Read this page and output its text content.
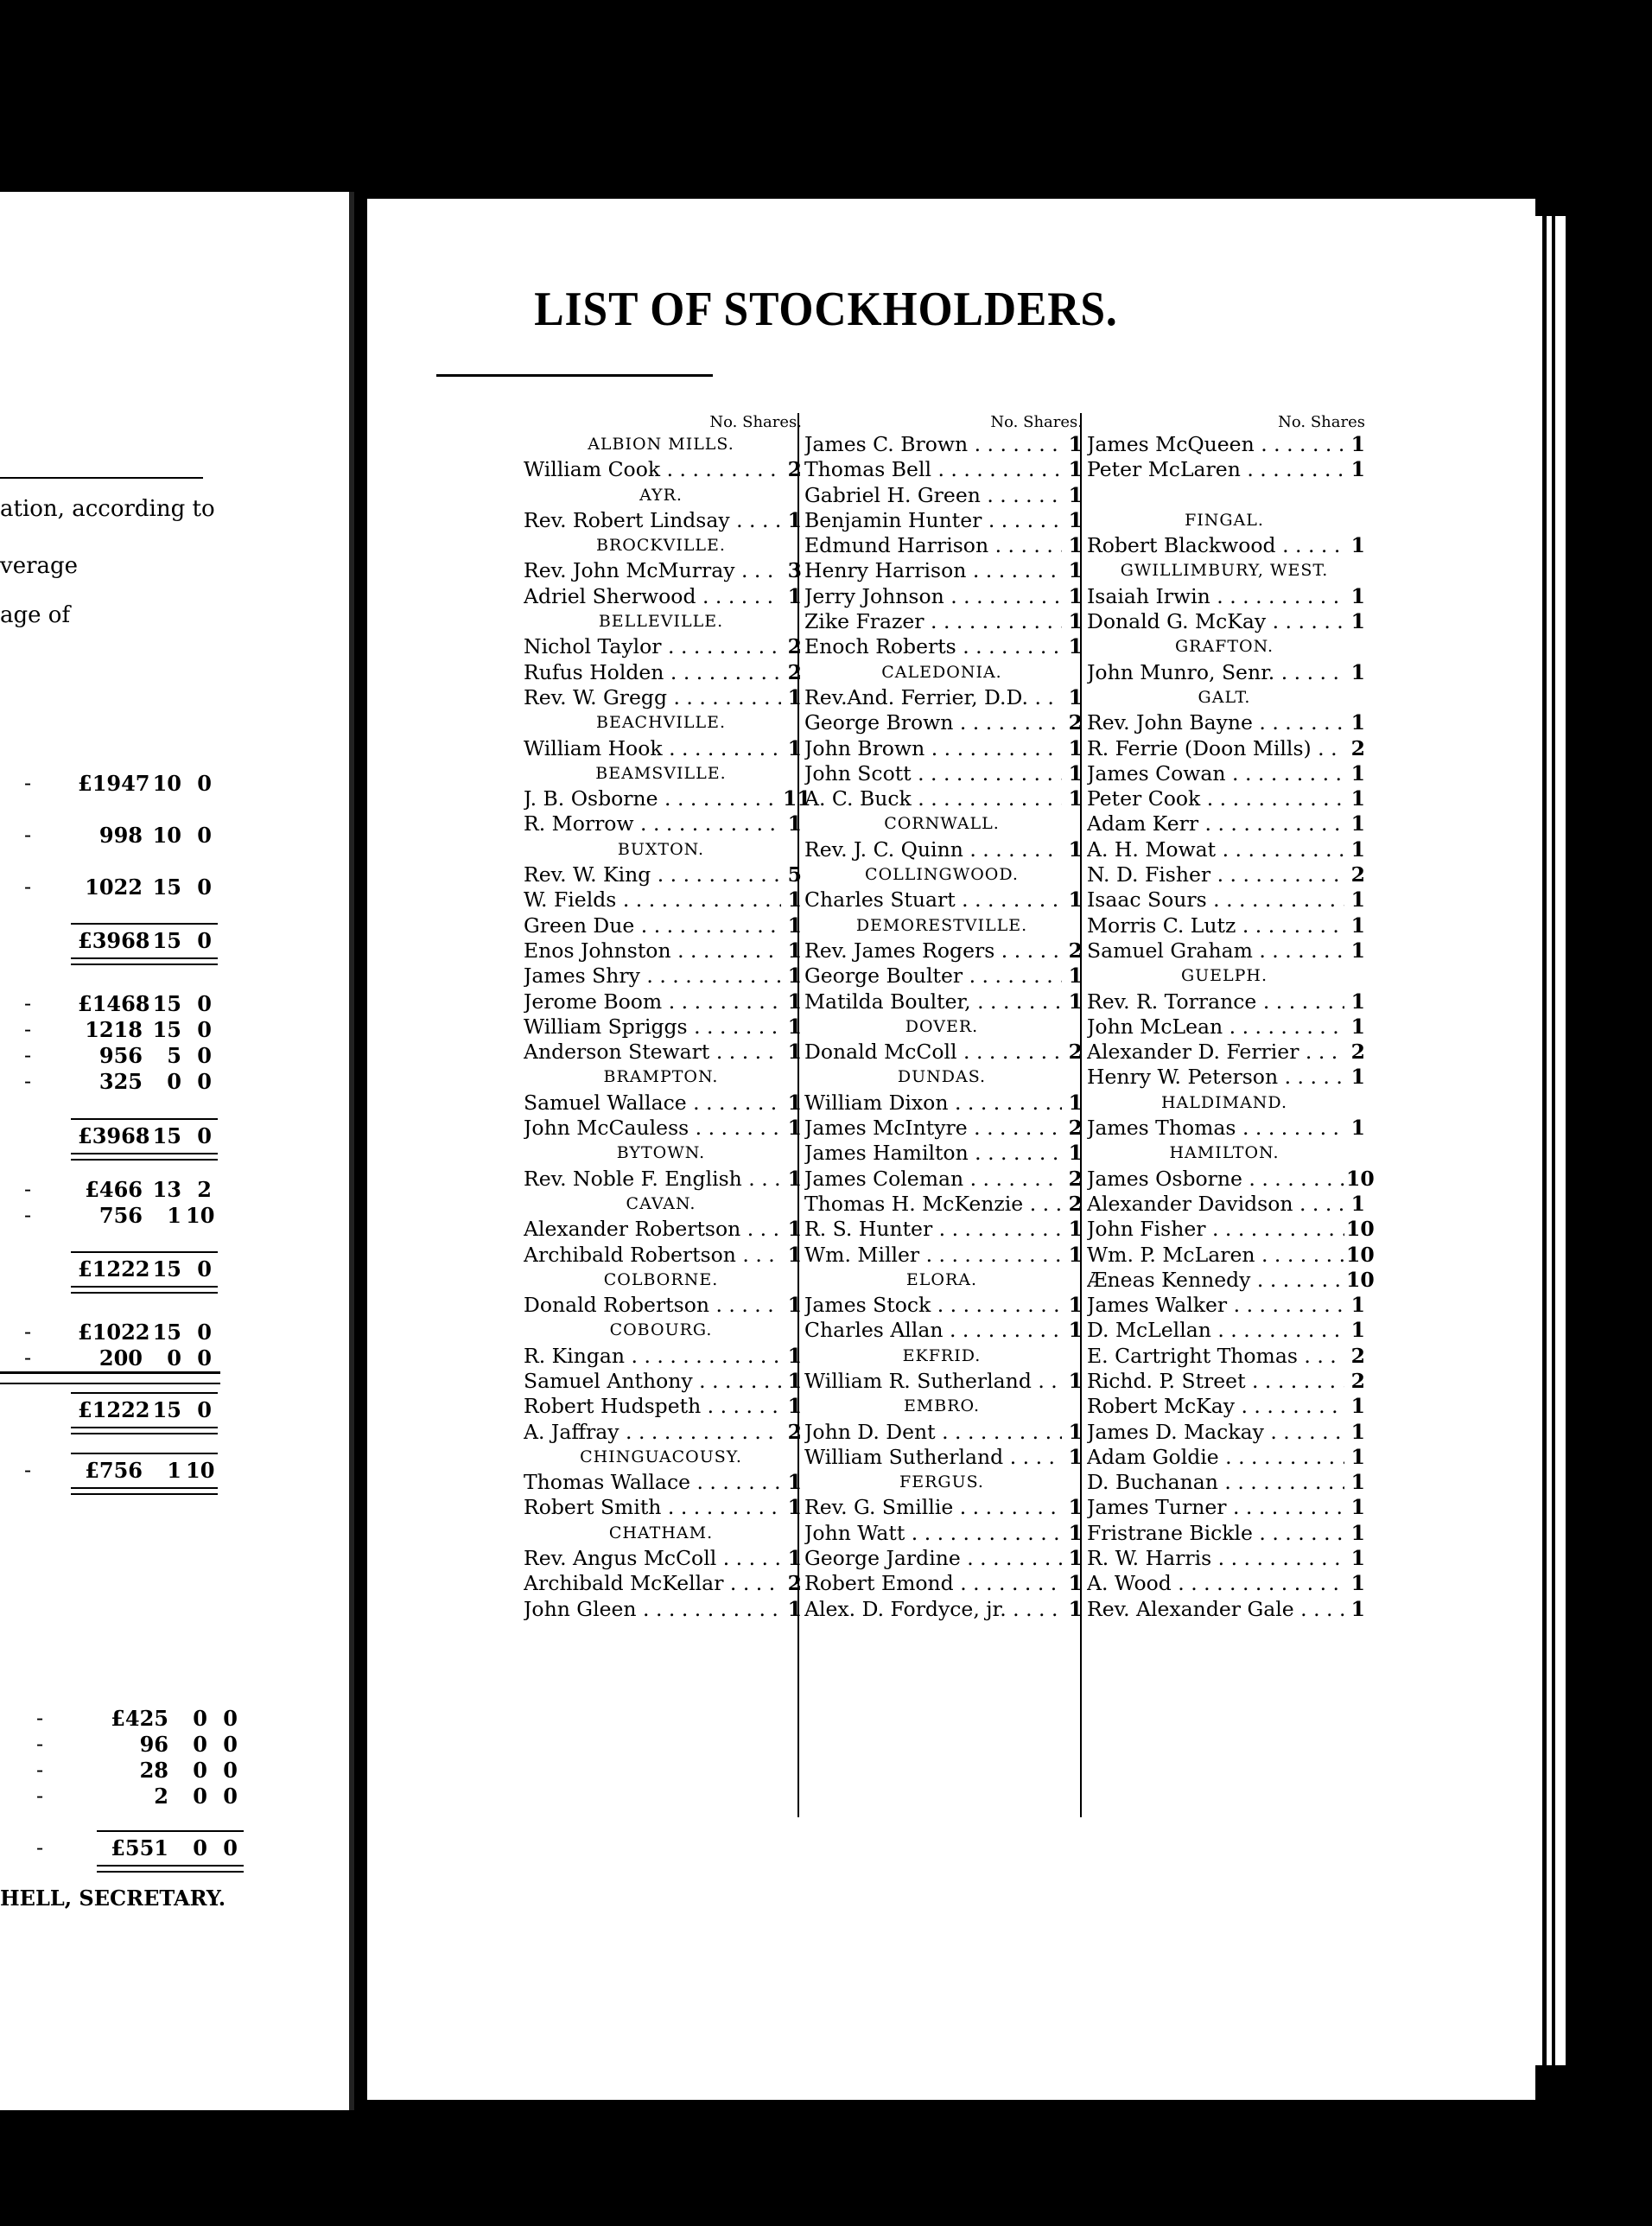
ation, according to
verage
age of
£1947 10 0
-
998 10 0
-
1022 15 0
-
£3968 15 0
£1468 15 0
-
1218 15 0
-
956	5 0
-
325	0 0
-
£3968 15 0
£466 13 2
-
756	1 10
-
£1222 15 0
£1022 15 0
-
200	0 0
-
£1222 15 0
£756	1 10
-
£425	0 0
-
96	0 0
-
28	0 0
-
2	0 0
-
£551	0 0
-
HELL, SECRETARY.
LIST OF STOCKHOLDERS.
No. Shares.
ALBION MILLS.
William Cook . . .	2
AYR.
Rev. Robert Lindsay . . .	1
BROCKVILLE.
Rev. John McMurray . . .	3
Adriel Sherwood . . .	1
BELLEVILLE.
Nichol Taylor . . .	2
Rufus Holden . . .	2
Rev. W. Gregg . . .	1
BEACHVILLE.
William Hook . . .	1
BEAMSVILLE.
J. B. Osborne . . .	11
R. Morrow . . .	1
BUXTON.
Rev. W. King . . .	5
W. Fields . . .	1
Green Due . . .	1
Enos Johnston . . .	1
James Shry . . .	1
Jerome Boom . . .	1
William Spriggs . . .	1
Anderson Stewart . . .	1
BRAMPTON.
Samuel Wallace . . .	1
John McCauless . . .	1
BYTOWN.
Rev. Noble F. English . . .	1
CAVAN.
Alexander Robertson . . .	1
Archibald Robertson . . .	1
COLBORNE.
Donald Robertson . . .	1
COBOURG.
R. Kingan . . .	1
Samuel Anthony . . .	1
Robert Hudspeth . . .	1
A. Jaffray . . .	2
CHINGUACOUSY.
Thomas Wallace . . .	1
Robert Smith . . .	1
CHATHAM.
Rev. Angus McColl . . .	1
Archibald McKellar . . .	2
John Gleen . . .	1
No. Shares.
James C. Brown . . .	1
Thomas Bell . . .	1
Gabriel H. Green . . .	1
Benjamin Hunter . . .	1
Edmund Harrison . . .	1
Henry Harrison . . .	1
Jerry Johnson . . .	1
Zike Frazer . . .	1
Enoch Roberts . . .	1
CALEDONIA.
Rev.And. Ferrier, D.D. . . .	1
George Brown . . .	2
John Brown . . .	1
John Scott . . .	1
A. C. Buck . . .	1
CORNWALL.
Rev. J. C. Quinn . . .	1
COLLINGWOOD.
Charles Stuart . . .	1
DEMORESTVILLE.
Rev. James Rogers . . .	2
George Boulter . . .	1
Matilda Boulter, . . .	1
DOVER.
Donald McColl . . .	2
DUNDAS.
William Dixon . . .	1
James McIntyre . . .	2
James Hamilton . . .	1
James Coleman . . .	2
Thomas H. McKenzie . . .	2
R. S. Hunter . . .	1
Wm. Miller . . .	1
ELORA.
James Stock . . .	1
Charles Allan . . .	1
EKFRID.
William R. Sutherland . . .	1
EMBRO.
John D. Dent . . .	1
William Sutherland . . .	1
FERGUS.
Rev. G. Smillie . . .	1
John Watt . . .	1
George Jardine . . .	1
Robert Emond . . .	1
Alex. D. Fordyce, jr. . . .	1
No. Shares
James McQueen . . .	1
Peter McLaren . . .	1
FINGAL.
Robert Blackwood . . .	1
GWILLIMBURY, WEST.
Isaiah Irwin . . .	1
Donald G. McKay . . .	1
GRAFTON.
John Munro, Senr. . . .	1
GALT.
Rev. John Bayne . . .	1
R. Ferrie (Doon Mills) . . .	2
James Cowan . . .	1
Peter Cook . . .	1
Adam Kerr . . .	1
A. H. Mowat . . .	1
N. D. Fisher . . .	2
Isaac Sours . . .	1
Morris C. Lutz . . .	1
Samuel Graham . . .	1
GUELPH.
Rev. R. Torrance . . .	1
John McLean . . .	1
Alexander D. Ferrier . . .	2
Henry W. Peterson . . .	1
HALDIMAND.
James Thomas . . .	1
HAMILTON.
James Osborne . . .	10
Alexander Davidson . . .	1
John Fisher . . .	10
Wm. P. McLaren . . .	10
Æneas Kennedy . . .	10
James Walker . . .	1
D. McLellan . . .	1
E. Cartright Thomas . . .	2
Richd. P. Street . . .	2
Robert McKay . . .	1
James D. Mackay . . .	1
Adam Goldie . . .	1
D. Buchanan . . .	1
James Turner . . .	1
Fristrane Bickle . . .	1
R. W. Harris . . .	1
A. Wood . . .	1
Rev. Alexander Gale . . .	1
